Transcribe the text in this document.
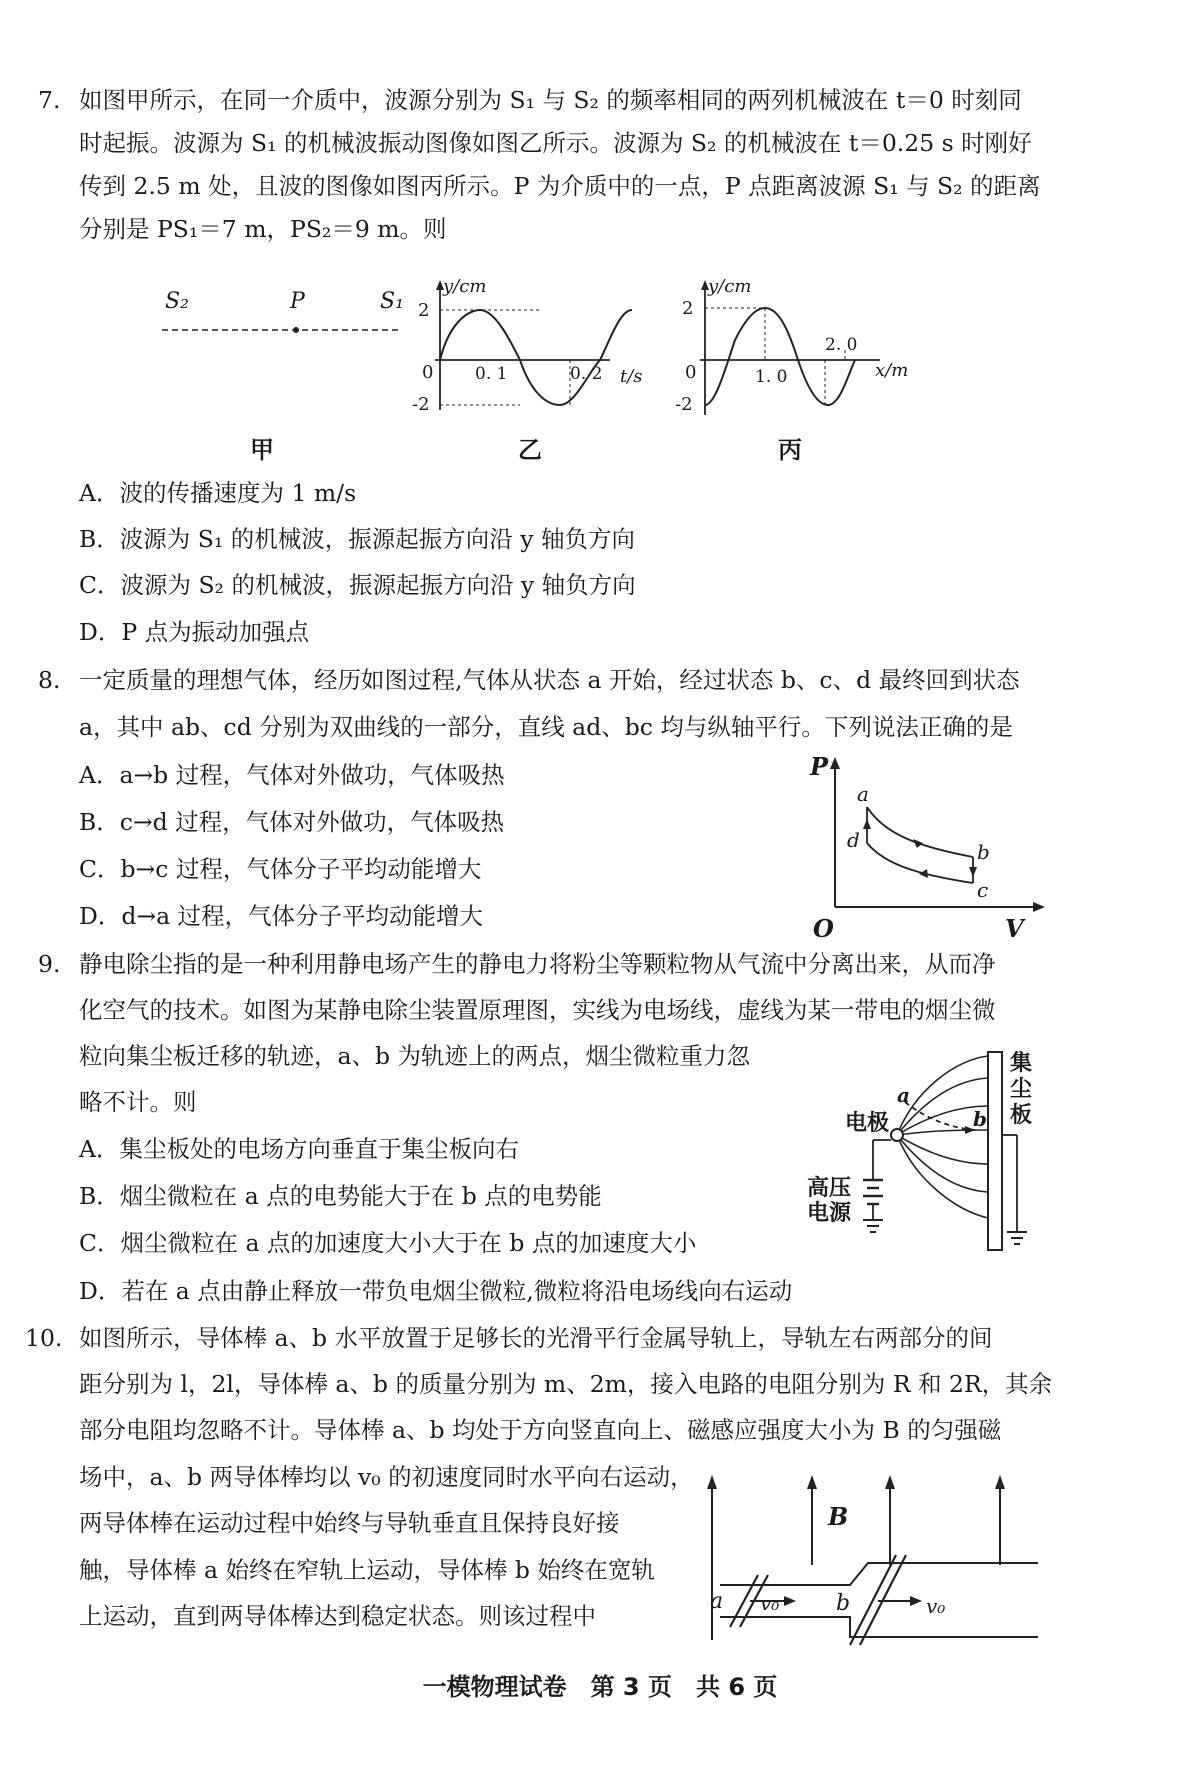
7. 如图甲所示，在同一介质中，波源分别为 S₁ 与 S₂ 的频率相同的两列机械波在 t＝0 时刻同
时起振。波源为 S₁ 的机械波振动图像如图乙所示。波源为 S₂ 的机械波在 t＝0.25 s 时刚好
传到 2.5 m 处，且波的图像如图丙所示。P 为介质中的一点，P 点距离波源 S₁ 与 S₂ 的距离
分别是 PS₁＝7 m，PS₂＝9 m。则
S₂	P	S₁
甲
y/cm
2
-2
0 0. 1	0. 2 t/s
乙
y/cm
2
-2
0	1. 0
2. 0
x/m
丙
A．波的传播速度为 1 m/s
B．波源为 S₁ 的机械波，振源起振方向沿 y 轴负方向
C．波源为 S₂ 的机械波，振源起振方向沿 y 轴负方向
D．P 点为振动加强点
8. 一定质量的理想气体，经历如图过程,气体从状态 a 开始，经过状态 b、c、d 最终回到状态
a，其中 ab、cd 分别为双曲线的一部分，直线 ad、bc 均与纵轴平行。下列说法正确的是
A．a→b 过程，气体对外做功，气体吸热
B．c→d 过程，气体对外做功，气体吸热
C．b→c 过程，气体分子平均动能增大
D．d→a 过程，气体分子平均动能增大
P
V
O
a
b
c
d
9. 静电除尘指的是一种利用静电场产生的静电力将粉尘等颗粒物从气流中分离出来，从而净
化空气的技术。如图为某静电除尘装置原理图，实线为电场线，虚线为某一带电的烟尘微
粒向集尘板迁移的轨迹，a、b 为轨迹上的两点，烟尘微粒重力忽
略不计。则
A．集尘板处的电场方向垂直于集尘板向右
B．烟尘微粒在 a 点的电势能大于在 b 点的电势能
C．烟尘微粒在 a 点的加速度大小大于在 b 点的加速度大小
D．若在 a 点由静止释放一带负电烟尘微粒,微粒将沿电场线向右运动
集
尘
板
电极
高压
电源
a
b
10. 如图所示，导体棒 a、b 水平放置于足够长的光滑平行金属导轨上，导轨左右两部分的间
距分别为 l，2l，导体棒 a、b 的质量分别为 m、2m，接入电路的电阻分别为 R 和 2R，其余
部分电阻均忽略不计。导体棒 a、b 均处于方向竖直向上、磁感应强度大小为 B 的匀强磁
场中，a、b 两导体棒均以 v₀ 的初速度同时水平向右运动，
两导体棒在运动过程中始终与导轨垂直且保持良好接
触，导体棒 a 始终在窄轨上运动，导体棒 b 始终在宽轨
上运动，直到两导体棒达到稳定状态。则该过程中
B
a v₀	b	v₀
一模物理试卷　第 3 页　共 6 页
